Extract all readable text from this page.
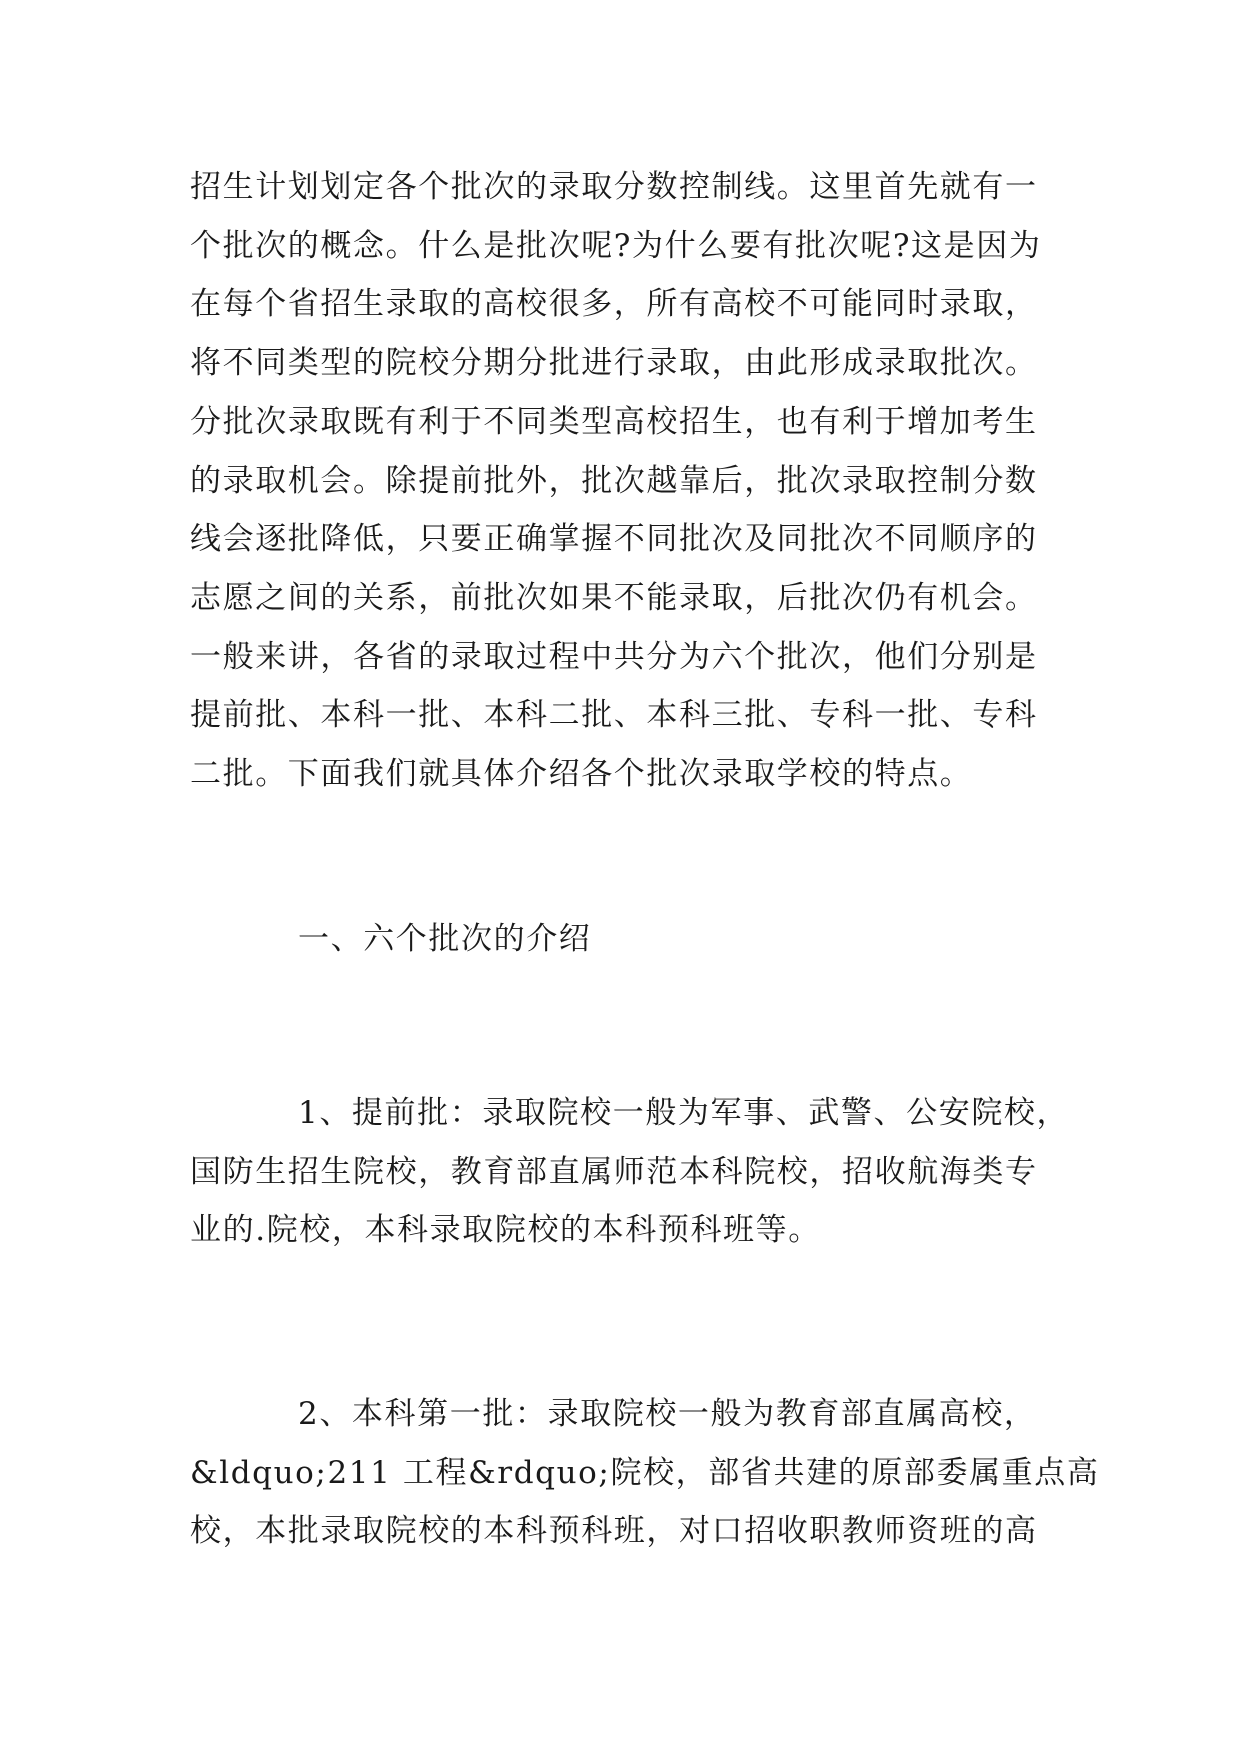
招生计划划定各个批次的录取分数控制线。这里首先就有一
个批次的概念。什么是批次呢?为什么要有批次呢?这是因为
在每个省招生录取的高校很多，所有高校不可能同时录取，
将不同类型的院校分期分批进行录取，由此形成录取批次。
分批次录取既有利于不同类型高校招生，也有利于增加考生
的录取机会。除提前批外，批次越靠后，批次录取控制分数
线会逐批降低，只要正确掌握不同批次及同批次不同顺序的
志愿之间的关系，前批次如果不能录取，后批次仍有机会。
一般来讲，各省的录取过程中共分为六个批次，他们分别是
提前批、本科一批、本科二批、本科三批、专科一批、专科
二批。下面我们就具体介绍各个批次录取学校的特点。
一、六个批次的介绍
1、提前批：录取院校一般为军事、武警、公安院校，
国防生招生院校，教育部直属师范本科院校，招收航海类专
业的.院校，本科录取院校的本科预科班等。
2、本科第一批：录取院校一般为教育部直属高校，
&ldquo;211 工程&rdquo;院校，部省共建的原部委属重点高
校，本批录取院校的本科预科班，对口招收职教师资班的高
